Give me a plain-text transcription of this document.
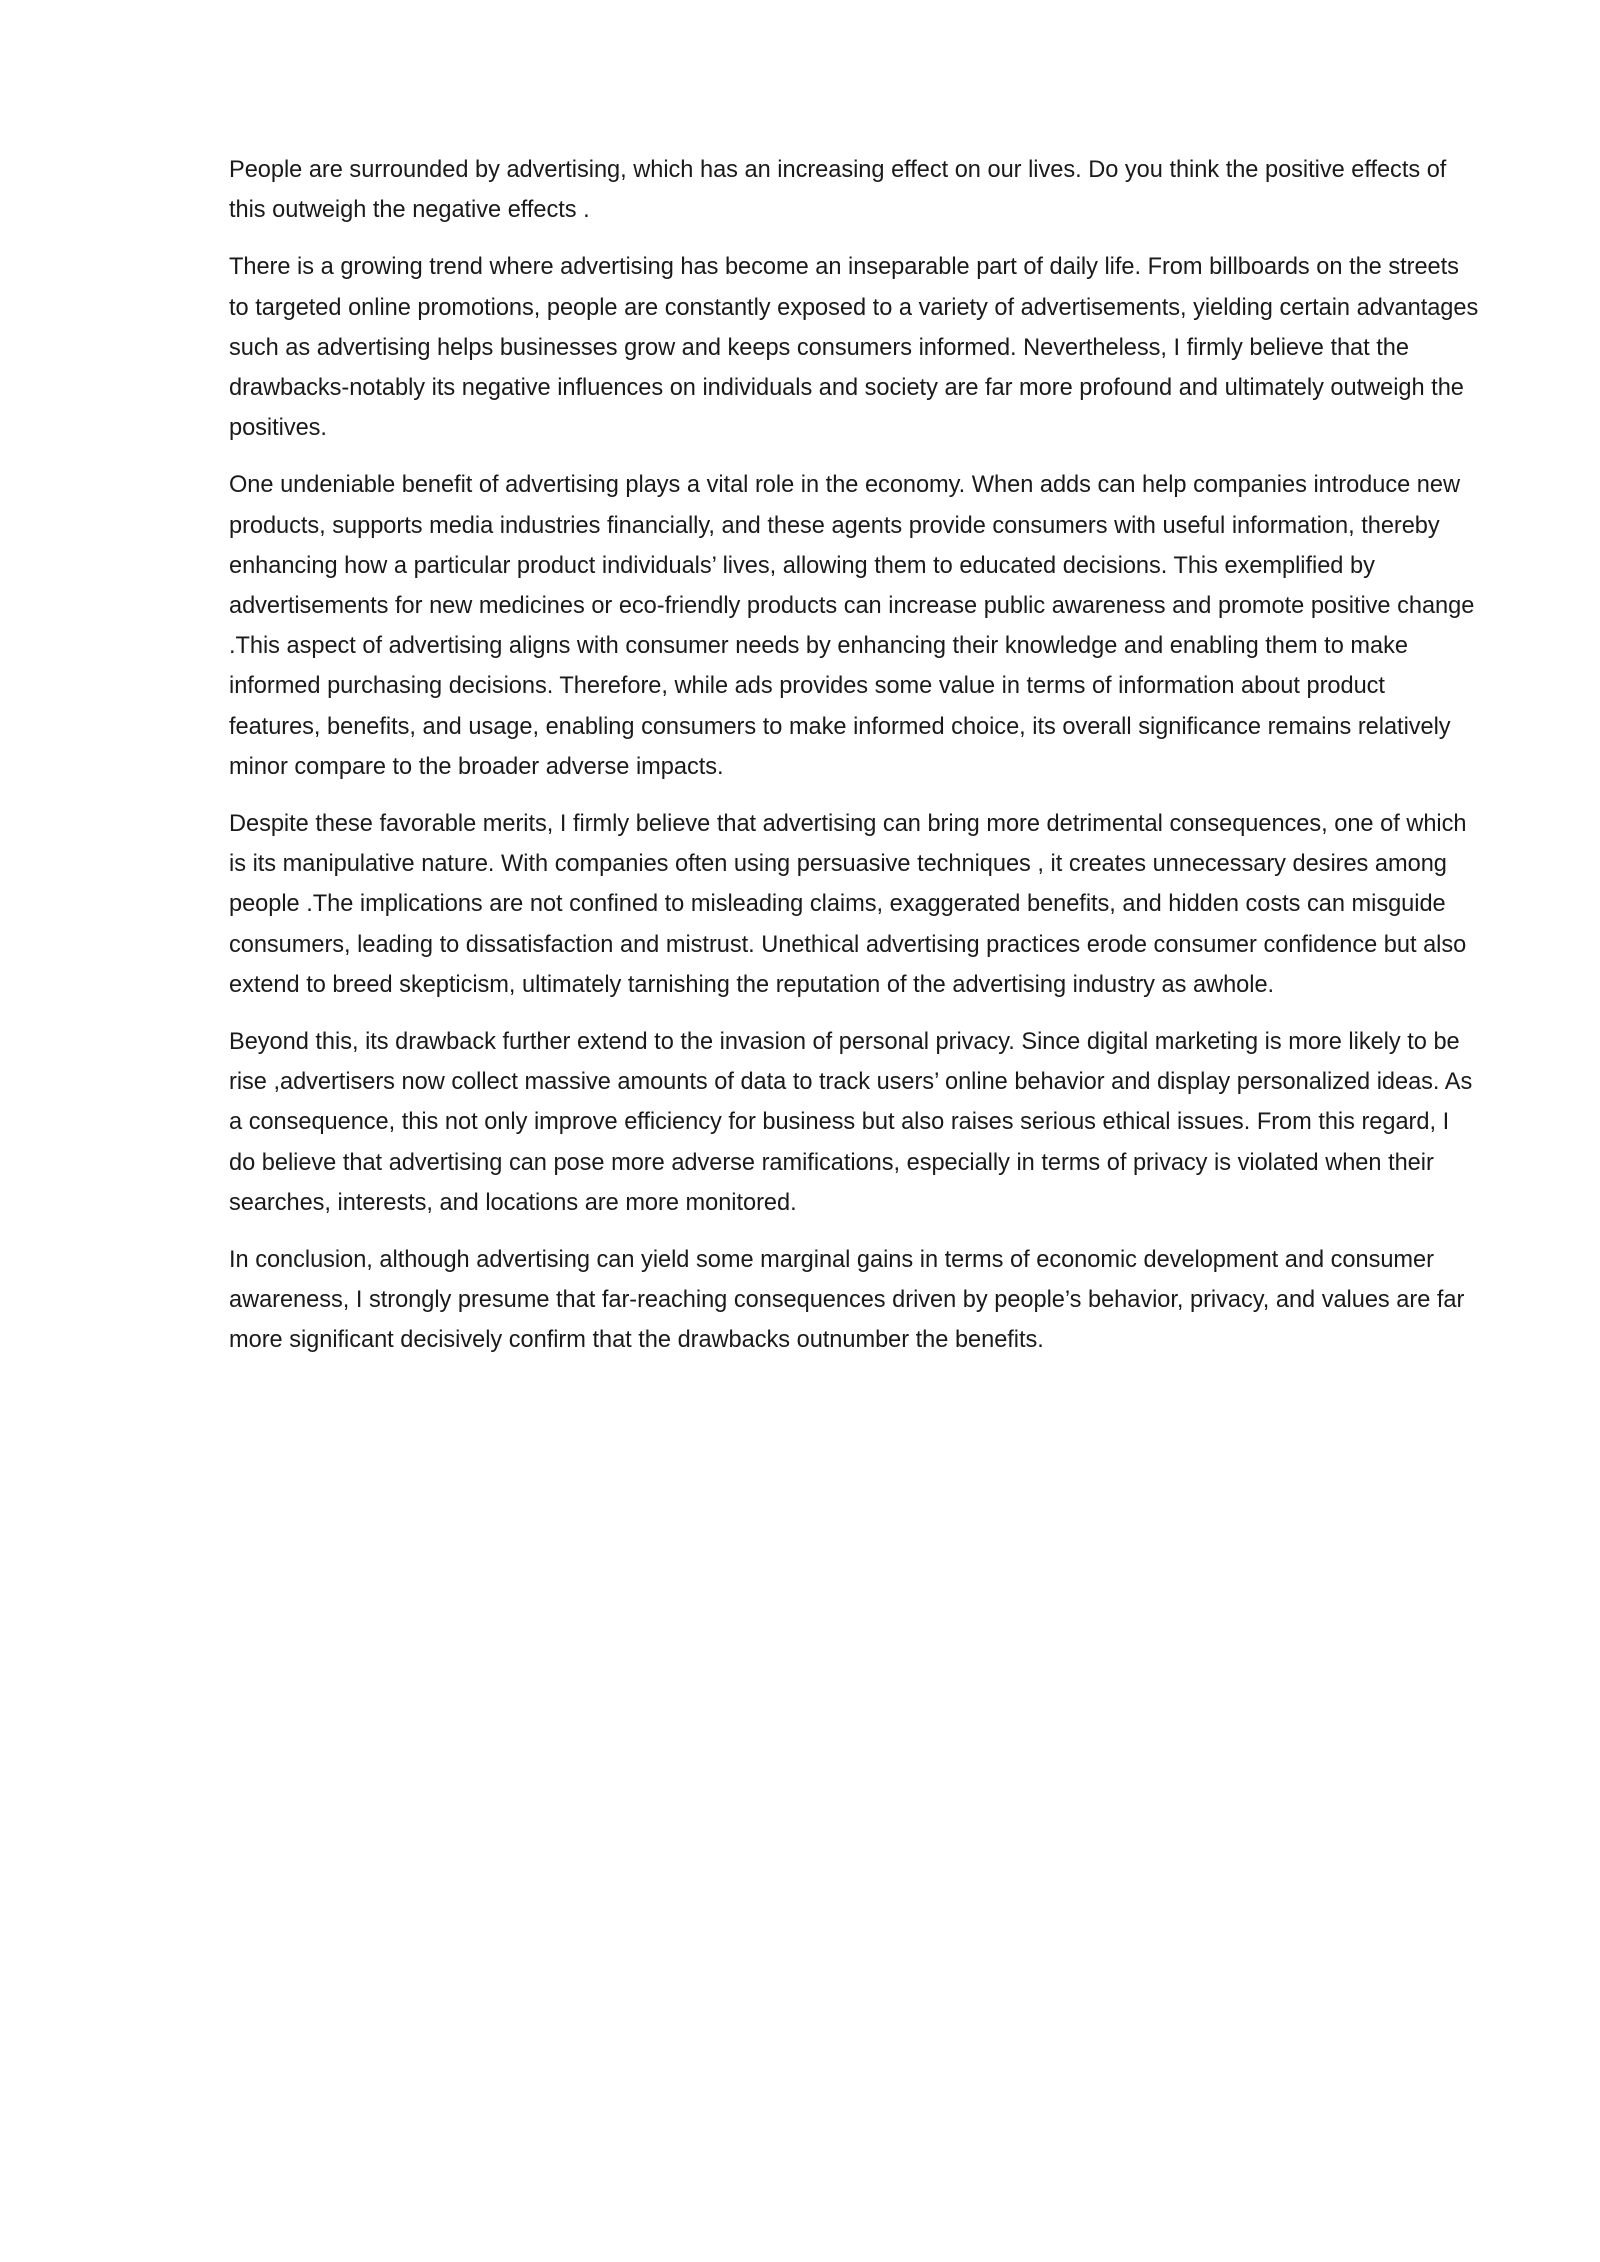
People are surrounded by advertising, which has an increasing effect on our lives. Do you think the positive effects of this outweigh the negative effects .

There is a growing trend where advertising has become an inseparable part of daily life. From billboards on the streets to targeted online promotions, people are constantly exposed to a variety of advertisements, yielding certain advantages such as advertising helps businesses grow and keeps consumers informed. Nevertheless, I firmly believe that the drawbacks-notably its negative influences on individuals and society are far more profound and ultimately outweigh the positives.

One undeniable benefit of advertising plays a vital role in the economy. When adds can help companies introduce new products, supports media industries financially, and these agents provide consumers with useful information, thereby enhancing how a particular product individuals’ lives, allowing them to educated decisions. This exemplified by advertisements for new medicines or eco-friendly products can increase public awareness and promote positive change .This aspect of advertising aligns with consumer needs by enhancing their knowledge and enabling them to make informed purchasing decisions. Therefore, while ads provides some value in terms of information about product features, benefits, and usage, enabling consumers to make informed choice, its overall significance remains relatively minor compare to the broader adverse impacts.

Despite these favorable merits, I firmly believe that advertising can bring more detrimental consequences, one of which is its manipulative nature. With companies often using persuasive techniques , it creates unnecessary desires among people .The implications are not confined to misleading claims, exaggerated benefits, and hidden costs can misguide consumers, leading to dissatisfaction and mistrust. Unethical advertising practices erode consumer confidence but also extend to breed skepticism, ultimately tarnishing the reputation of the advertising industry as awhole.

Beyond this, its drawback further extend to the invasion of personal privacy. Since digital marketing is more likely to be rise ,advertisers now collect massive amounts of data to track users’ online behavior and display personalized ideas. As a consequence, this not only improve efficiency for business but also raises serious ethical issues. From this regard, I do believe that advertising can pose more adverse ramifications, especially in terms of privacy is violated when their searches, interests, and locations are more monitored.

In conclusion, although advertising can yield some marginal gains in terms of economic development and consumer awareness, I strongly presume that far-reaching consequences driven by people’s behavior, privacy, and values are far more significant decisively confirm that the drawbacks outnumber the benefits.
